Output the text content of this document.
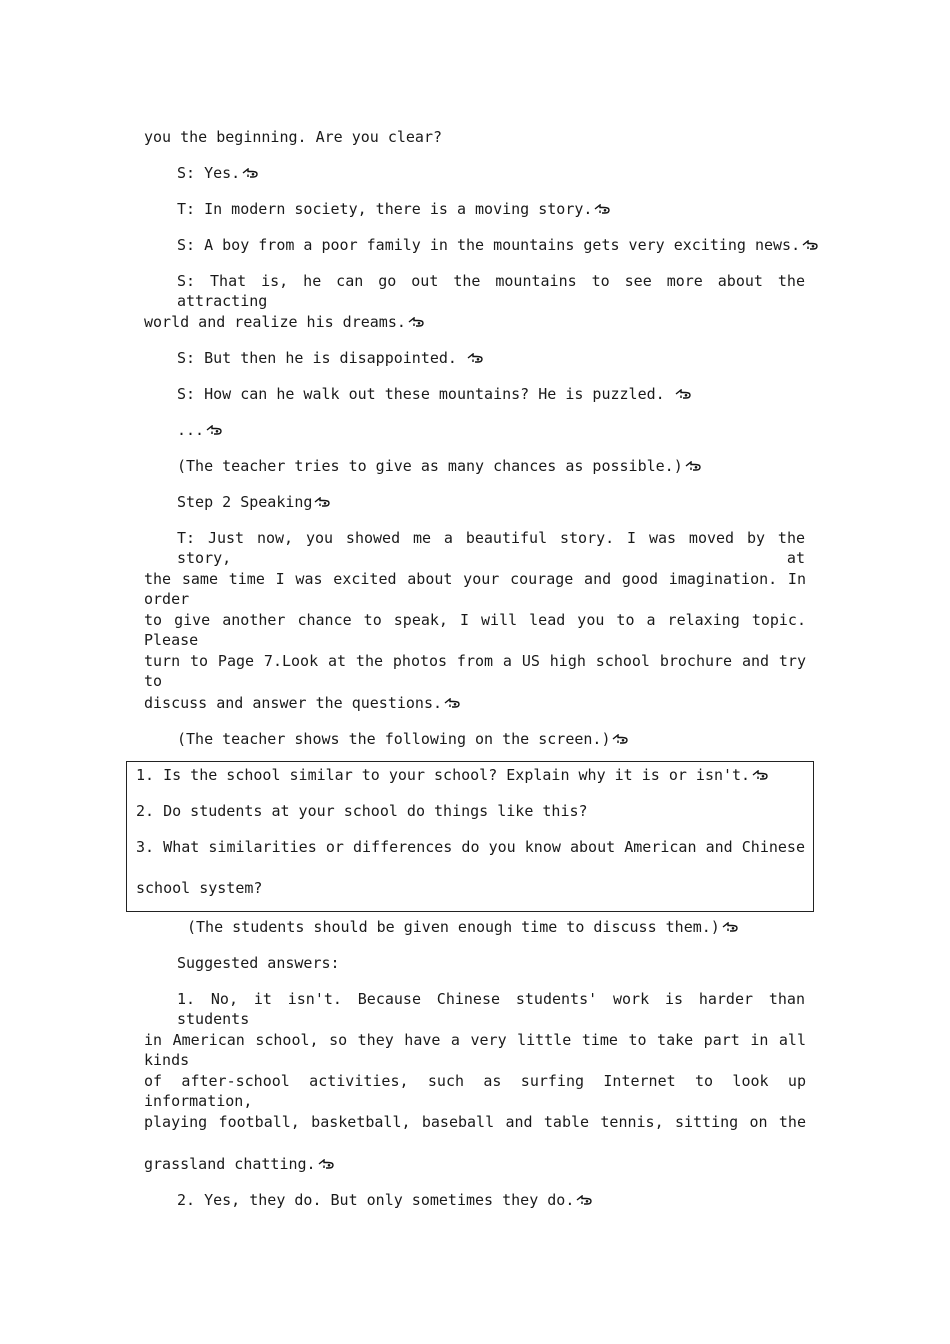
you the beginning. Are you clear?
S: Yes.
T: In modern society, there is a moving story.
S: A boy from a poor family in the mountains gets very exciting news.
S: That is, he can go out the mountains to see more about the attracting
world and realize his dreams.
S: But then he is disappointed.
S: How can he walk out these mountains? He is puzzled.
...
(The teacher tries to give as many chances as possible.)
Step 2 Speaking
T: Just now, you showed me a beautiful story. I was moved by the story, at
the same time I was excited about your courage and good imagination. In order
to give another chance to speak, I will lead you to a relaxing topic. Please
turn to Page 7.Look at the photos from a US high school brochure and try to
discuss and answer the questions.
(The teacher shows the following on the screen.)
1. Is the school similar to your school? Explain why it is or isn't.
2. Do students at your school do things like this?
3. What similarities or differences do you know about American and Chinese
school system?
(The students should be given enough time to discuss them.)
Suggested answers:
1. No, it isn't. Because Chinese students' work is harder than students
in American school, so they have a very little time to take part in all kinds
of after-school activities, such as surfing Internet to look up information,
playing football, basketball, baseball and table tennis, sitting on the
grassland chatting.
2. Yes, they do. But only sometimes they do.
